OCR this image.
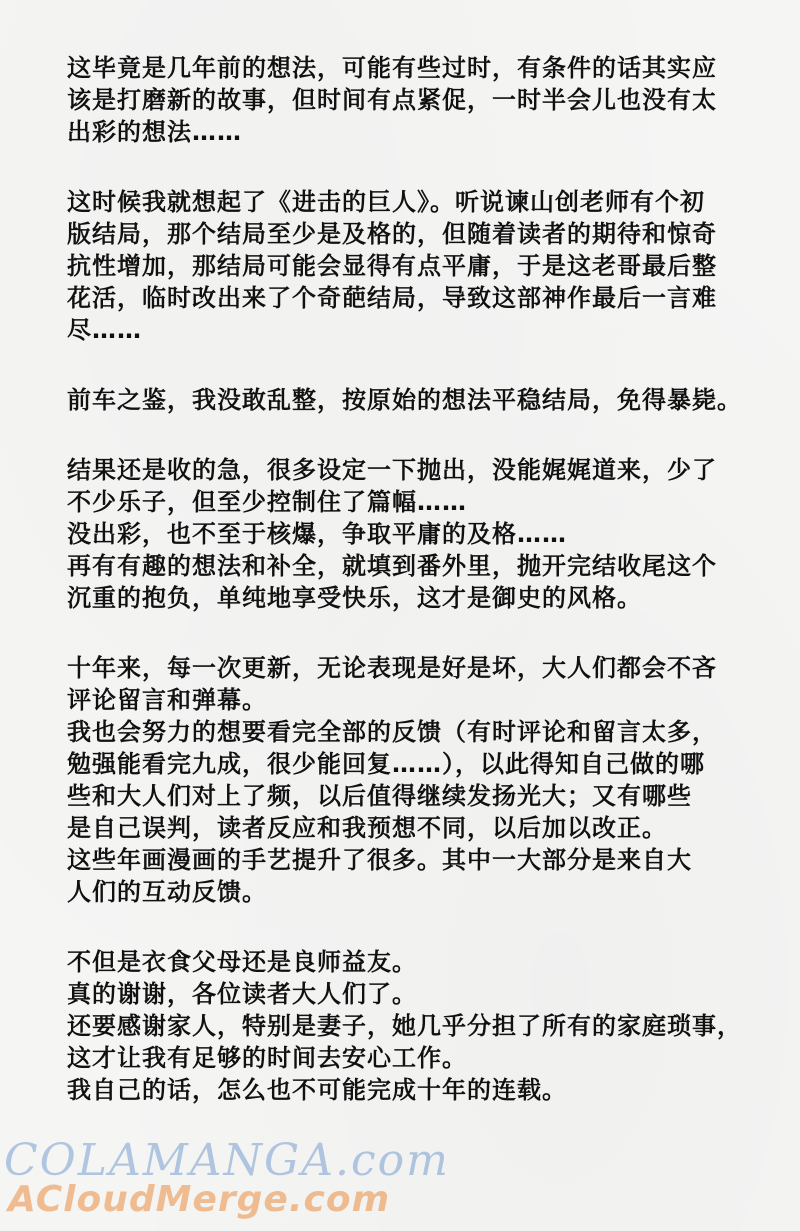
这毕竟是几年前的想法，可能有些过时，有条件的话其实应
该是打磨新的故事，但时间有点紧促，一时半会儿也没有太
出彩的想法……
这时候我就想起了《进击的巨人》。听说谏山创老师有个初
版结局，那个结局至少是及格的，但随着读者的期待和惊奇
抗性增加，那结局可能会显得有点平庸，于是这老哥最后整
花活，临时改出来了个奇葩结局，导致这部神作最后一言难
尽……
前车之鉴，我没敢乱整，按原始的想法平稳结局，免得暴毙。
结果还是收的急，很多设定一下抛出，没能娓娓道来，少了
不少乐子，但至少控制住了篇幅……
没出彩，也不至于核爆，争取平庸的及格……
再有有趣的想法和补全，就填到番外里，抛开完结收尾这个
沉重的抱负，单纯地享受快乐，这才是御史的风格。
十年来，每一次更新，无论表现是好是坏，大人们都会不吝
评论留言和弹幕。
我也会努力的想要看完全部的反馈（有时评论和留言太多，
勉强能看完九成，很少能回复……），以此得知自己做的哪
些和大人们对上了频，以后值得继续发扬光大；又有哪些
是自己误判，读者反应和我预想不同，以后加以改正。
这些年画漫画的手艺提升了很多。其中一大部分是来自大
人们的互动反馈。
不但是衣食父母还是良师益友。
真的谢谢，各位读者大人们了。
还要感谢家人，特别是妻子，她几乎分担了所有的家庭琐事，
这才让我有足够的时间去安心工作。
我自己的话，怎么也不可能完成十年的连载。
COLAMANGA.com
ACloudMerge.com
